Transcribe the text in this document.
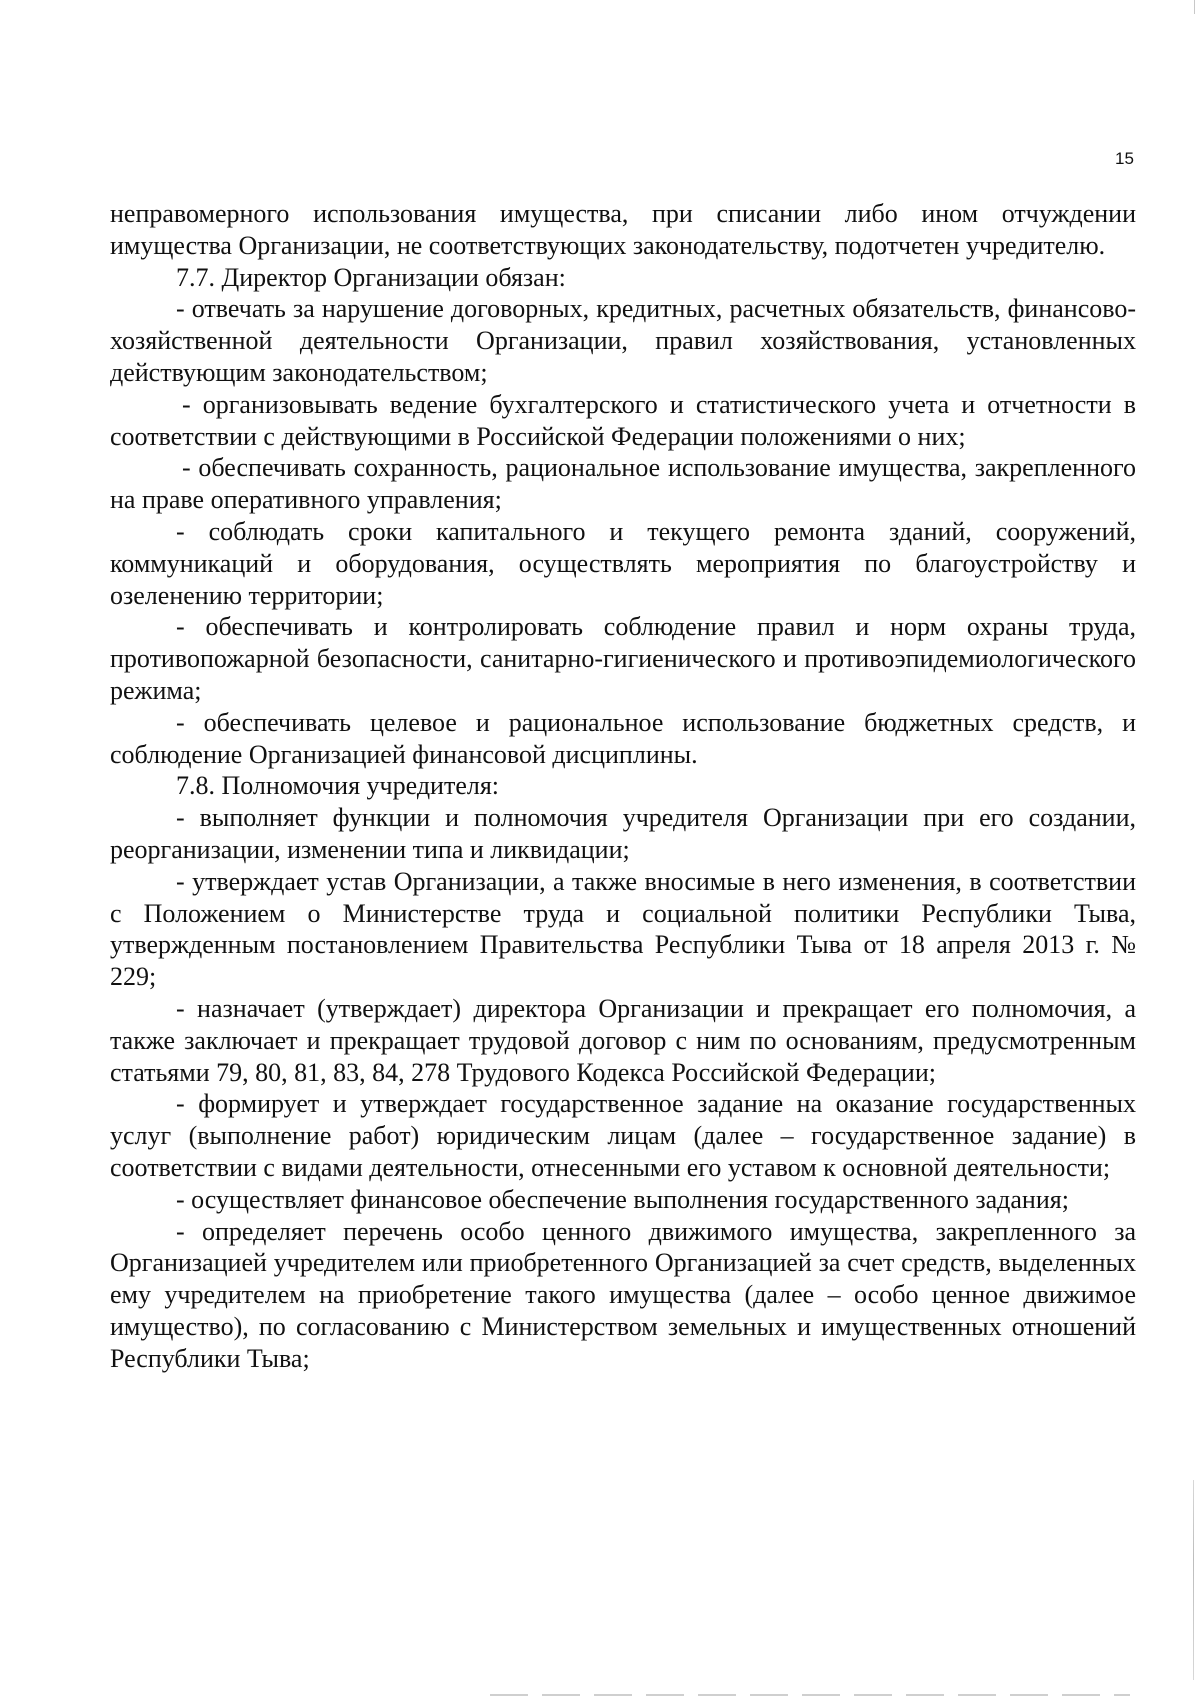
15

неправомерного использования имущества, при списании либо ином отчуждении имущества Организации, не соответствующих законодательству, подотчетен учредителю.

7.7. Директор Организации обязан:

- отвечать за нарушение договорных, кредитных, расчетных обязательств, финансово-хозяйственной деятельности Организации, правил хозяйствования, установленных действующим законодательством;

- организовывать ведение бухгалтерского и статистического учета и отчетности в соответствии с действующими в Российской Федерации положениями о них;

- обеспечивать сохранность, рациональное использование имущества, закрепленного на праве оперативного управления;

- соблюдать сроки капитального и текущего ремонта зданий, сооружений, коммуникаций и оборудования, осуществлять мероприятия по благоустройству и озеленению территории;

- обеспечивать и контролировать соблюдение правил и норм охраны труда, противопожарной безопасности, санитарно-гигиенического и противоэпидемиологического режима;

- обеспечивать целевое и рациональное использование бюджетных средств, и соблюдение Организацией финансовой дисциплины.

7.8. Полномочия учредителя:

- выполняет функции и полномочия учредителя Организации при его создании, реорганизации, изменении типа и ликвидации;

- утверждает устав Организации, а также вносимые в него изменения, в соответствии с Положением о Министерстве труда и социальной политики Республики Тыва, утвержденным постановлением Правительства Республики Тыва от 18 апреля 2013 г. № 229;

- назначает (утверждает) директора Организации и прекращает его полномочия, а также заключает и прекращает трудовой договор с ним по основаниям, предусмотренным статьями 79, 80, 81, 83, 84, 278 Трудового Кодекса Российской Федерации;

- формирует и утверждает государственное задание на оказание государственных услуг (выполнение работ) юридическим лицам (далее – государственное задание) в соответствии с видами деятельности, отнесенными его уставом к основной деятельности;

- осуществляет финансовое обеспечение выполнения государственного задания;

- определяет перечень особо ценного движимого имущества, закрепленного за Организацией учредителем или приобретенного Организацией за счет средств, выделенных ему учредителем на приобретение такого имущества (далее – особо ценное движимое имущество), по согласованию с Министерством земельных и имущественных отношений Республики Тыва;
